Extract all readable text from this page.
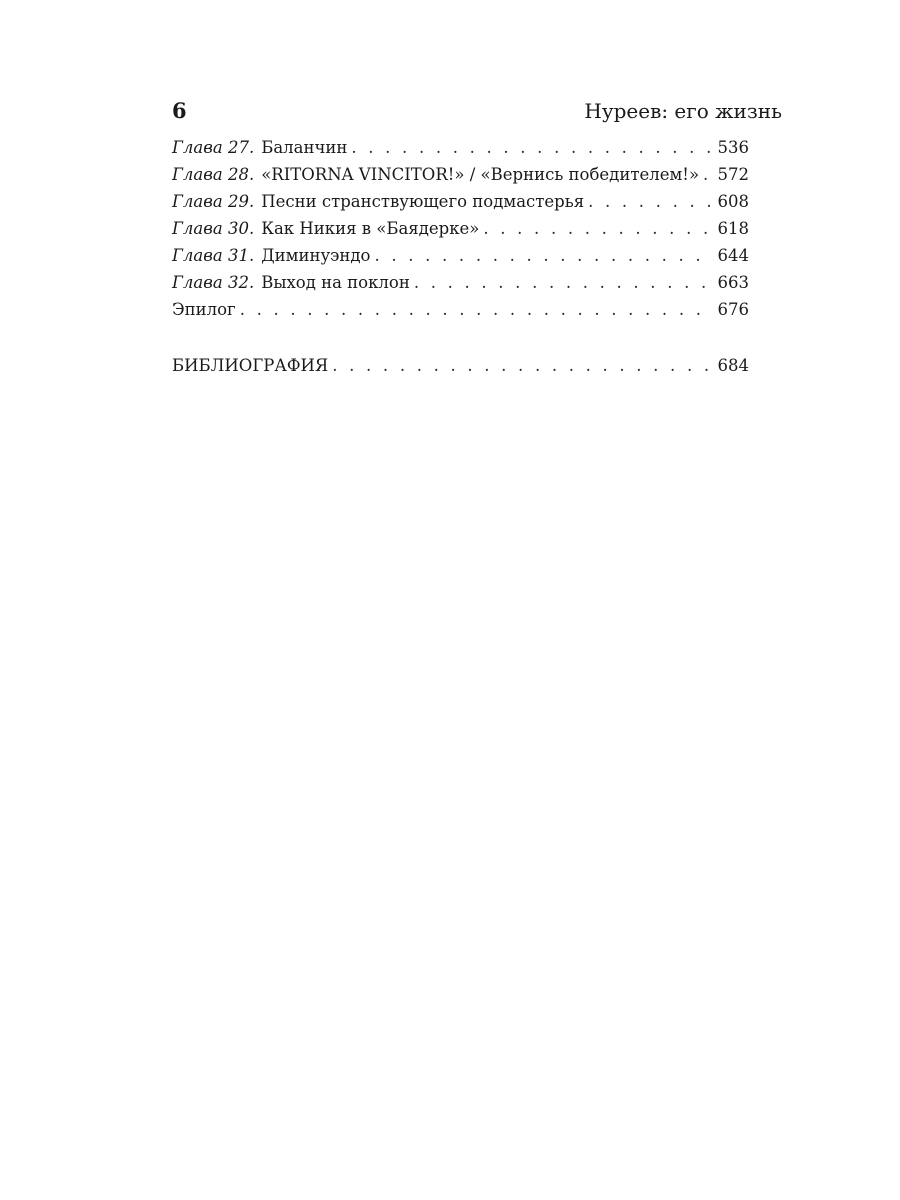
6	Нуреев: его жизнь
Глава 27. Баланчин . . .	536
Глава 28. «RITORNA VINCITOR!» / «Вернись победителем!» . . . 572
Глава 29. Песни странствующего подмастерья . . .	608
Глава 30. Как Никия в «Баядерке» . . .	618
Глава 31. Диминуэндо . . .	644
Глава 32. Выход на поклон . . .	663
Эпилог . . .	676
БИБЛИОГРАФИЯ . . .	684
